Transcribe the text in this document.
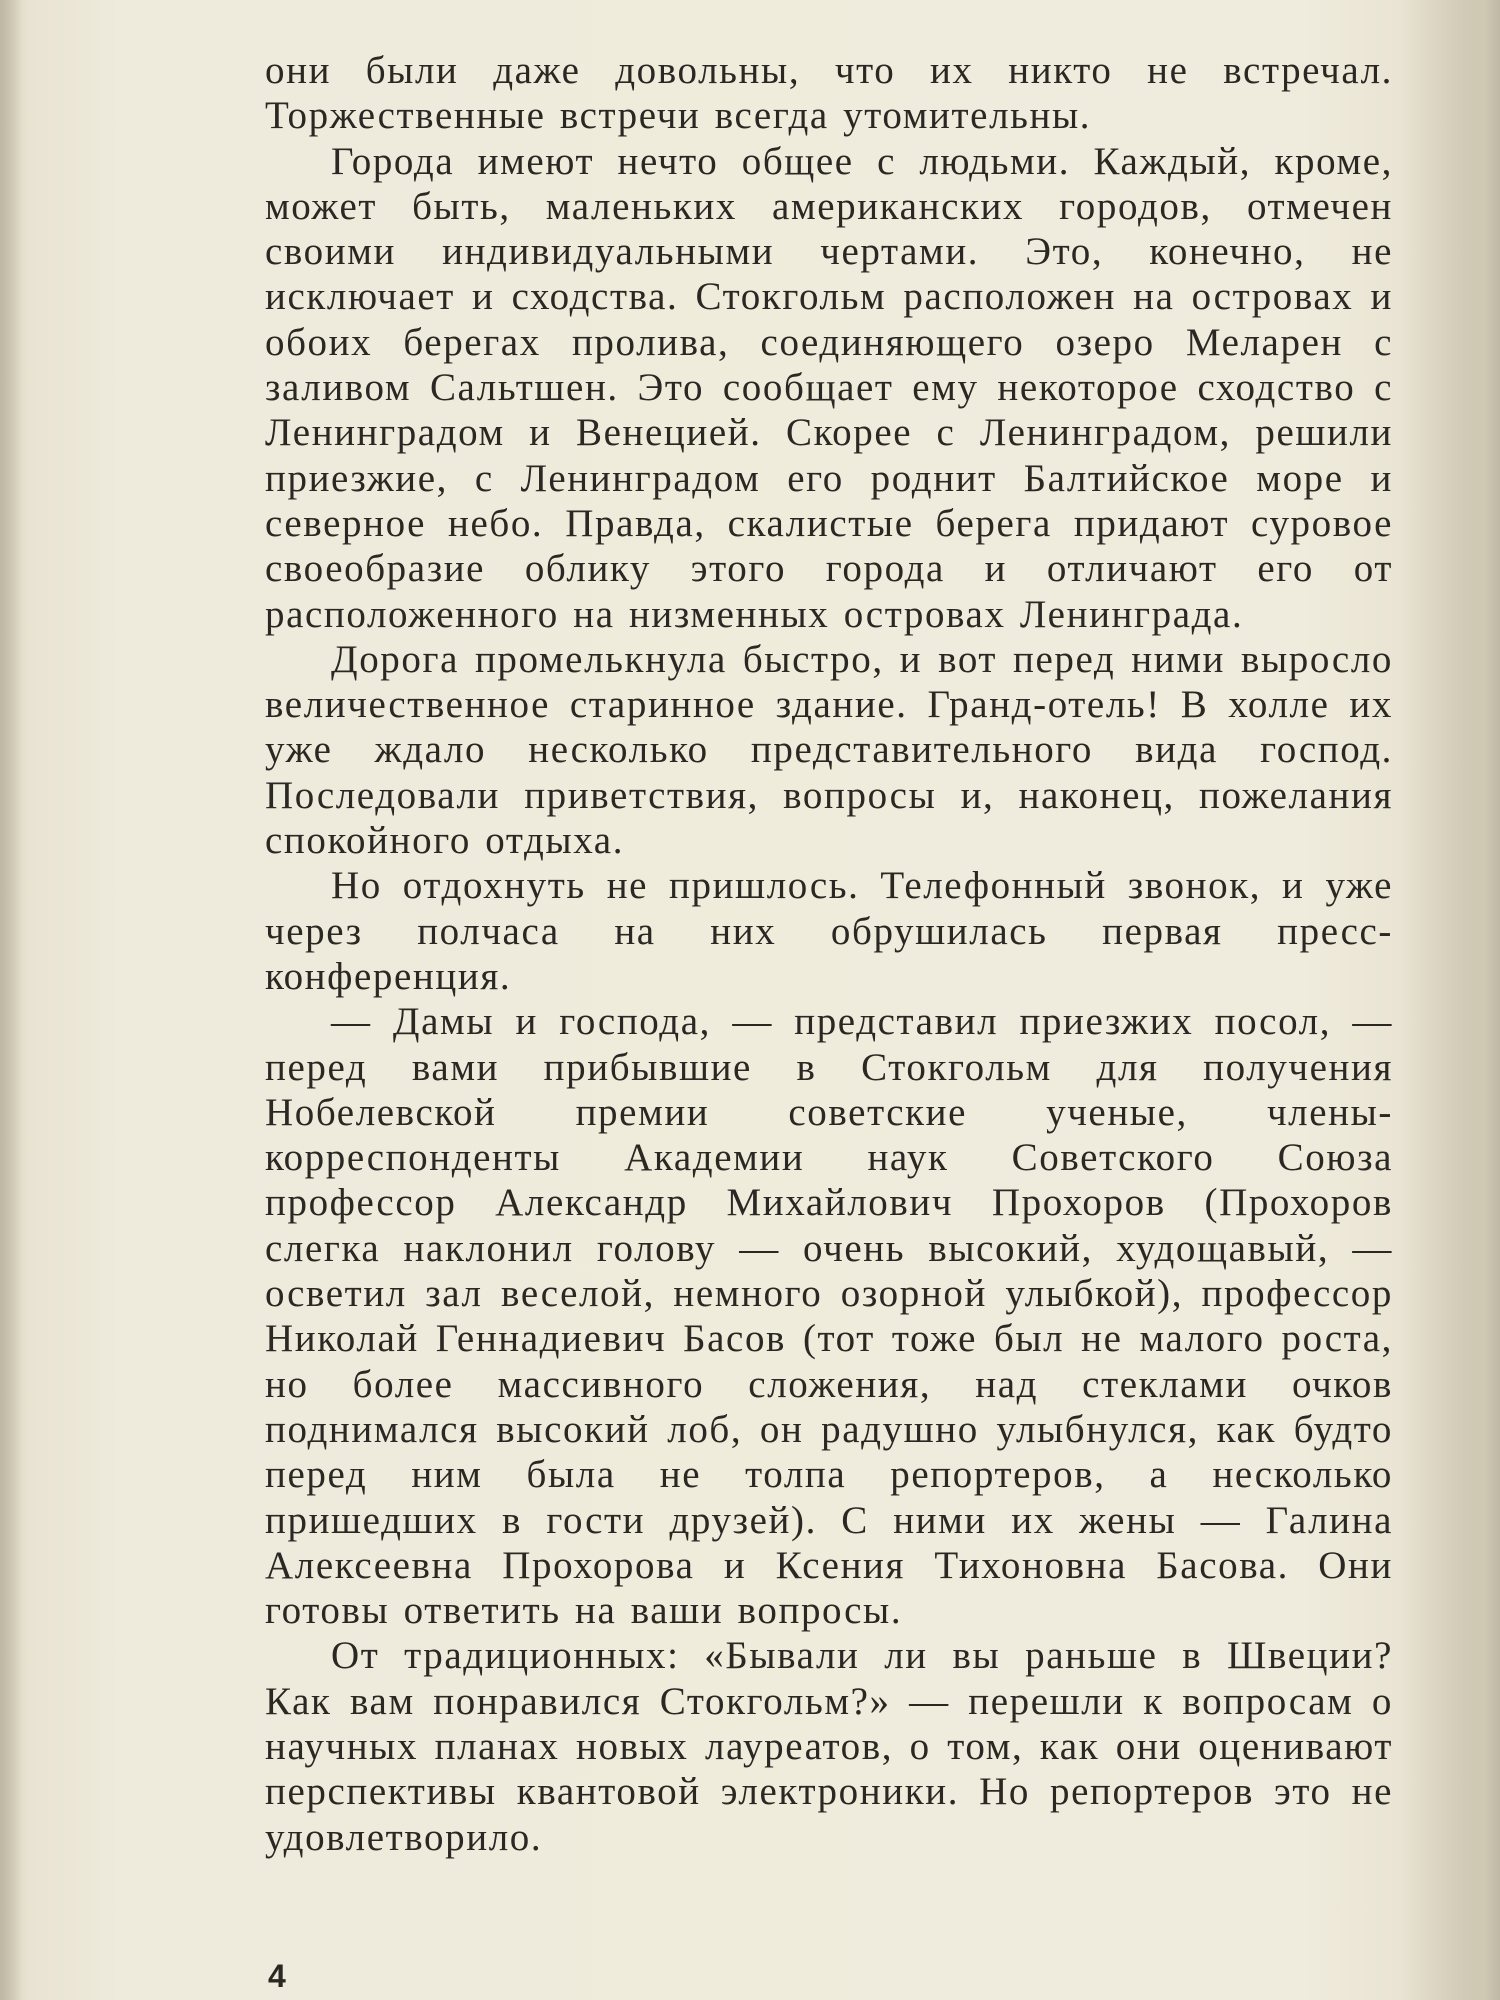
они были даже довольны, что их никто не встречал. Торжественные встречи всегда утомительны.

Города имеют нечто общее с людьми. Каждый, кроме, может быть, маленьких американских городов, отмечен своими индивидуальными чертами. Это, конечно, не исключает и сходства. Стокгольм расположен на островах и обоих берегах пролива, соединяющего озеро Меларен с заливом Сальтшен. Это сообщает ему некоторое сходство с Ленинградом и Венецией. Скорее с Ленинградом, решили приезжие, с Ленинградом его роднит Балтийское море и северное небо. Правда, скалистые берега придают суровое своеобразие облику этого города и отличают его от расположенного на низменных островах Ленинграда.

Дорога промелькнула быстро, и вот перед ними выросло величественное старинное здание. Гранд-отель! В холле их уже ждало несколько представительного вида господ. Последовали приветствия, вопросы и, наконец, пожелания спокойного отдыха.

Но отдохнуть не пришлось. Телефонный звонок, и уже через полчаса на них обрушилась первая пресс-конференция.

— Дамы и господа, — представил приезжих посол, — перед вами прибывшие в Стокгольм для получения Нобелевской премии советские ученые, члены-корреспонденты Академии наук Советского Союза профессор Александр Михайлович Прохоров (Прохоров слегка наклонил голову — очень высокий, худощавый, — осветил зал веселой, немного озорной улыбкой), профессор Николай Геннадиевич Басов (тот тоже был не малого роста, но более массивного сложения, над стеклами очков поднимался высокий лоб, он радушно улыбнулся, как будто перед ним была не толпа репортеров, а несколько пришедших в гости друзей). С ними их жены — Галина Алексеевна Прохорова и Ксения Тихоновна Басова. Они готовы ответить на ваши вопросы.

От традиционных: «Бывали ли вы раньше в Швеции? Как вам понравился Стокгольм?» — перешли к вопросам о научных планах новых лауреатов, о том, как они оценивают перспективы квантовой электроники. Но репортеров это не удовлетворило.

4
